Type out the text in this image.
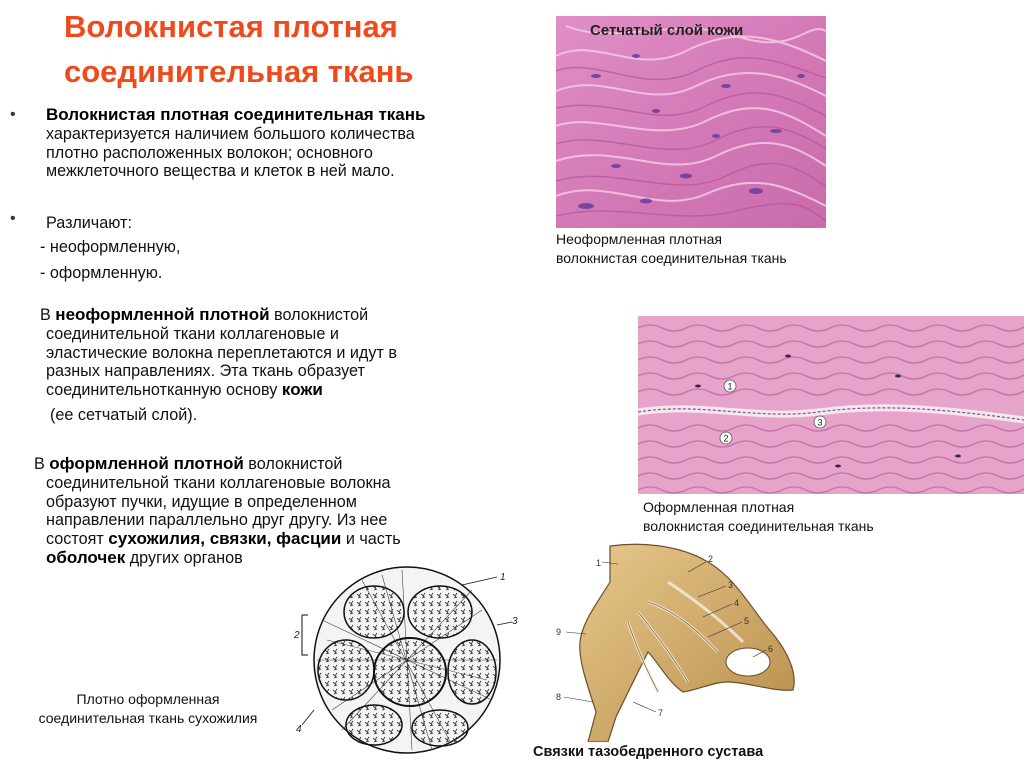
Волокнистая плотная
соединительная ткань
• Волокнистая плотная соединительная ткань
характеризуется наличием большого количества
плотно расположенных волокон; основного
межклеточного вещества и клеток в ней мало.
• Различают:
- неоформленную,
- оформленную.
В неоформленной плотной волокнистой
соединительной ткани коллагеновые и
эластические волокна переплетаются и идут в
разных направлениях. Эта ткань образует
соединительнотканную основу кожи
(ее сетчатый слой).
В оформленной плотной волокнистой
соединительной ткани коллагеновые волокна
образуют пучки, идущие в определенном
направлении параллельно друг другу. Из нее
состоят сухожилия, связки, фасции и часть
оболочек других органов
Сетчатый слой кожи
Неоформленная плотная
волокнистая соединительная ткань
1
2
3
Оформленная плотная
волокнистая соединительная ткань
1
2
3
4
Плотно оформленная
соединительная ткань сухожилия
1	2
3
4
5
6
7
8
9
Связки тазобедренного сустава
